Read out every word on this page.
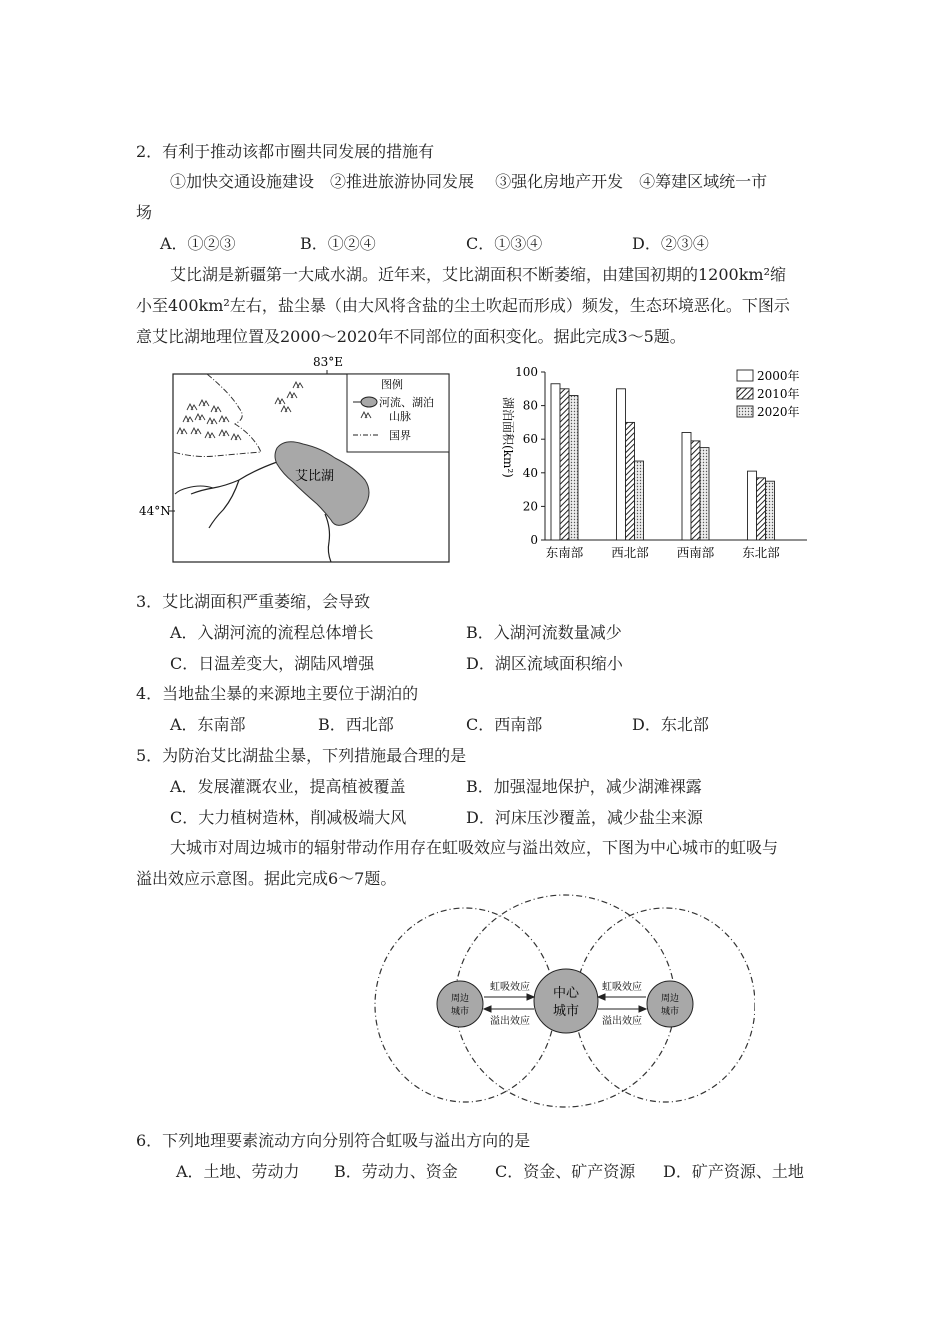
2．有利于推动该都市圈共同发展的措施有
①加快交通设施建设　②推进旅游协同发展　 ③强化房地产开发　④筹建区域统一市
场
A．①②③	B．①②④	C．①③④	D．②③④
艾比湖是新疆第一大咸水湖。近年来，艾比湖面积不断萎缩，由建国初期的1200km²缩
小至400km²左右，盐尘暴（由大风将含盐的尘土吹起而形成）频发，生态环境恶化。下图示
意艾比湖地理位置及2000～2020年不同部位的面积变化。据此完成3～5题。
83°E
44°N
艾比湖
图例
河流、湖泊
山脉
国界
0
20
40
60
80
100
东南部 西北部 西南部 东北部
湖泊面积(km²)
2000年
2010年
2020年
3．艾比湖面积严重萎缩，会导致
A．入湖河流的流程总体增长	B．入湖河流数量减少
C．日温差变大，湖陆风增强	D．湖区流域面积缩小
4．当地盐尘暴的来源地主要位于湖泊的
A．东南部	B．西北部	C．西南部	D．东北部
5．为防治艾比湖盐尘暴，下列措施最合理的是
A．发展灌溉农业，提高植被覆盖	B．加强湿地保护，减少湖滩裸露
C．大力植树造林，削减极端大风	D．河床压沙覆盖，减少盐尘来源
大城市对周边城市的辐射带动作用存在虹吸效应与溢出效应，下图为中心城市的虹吸与
溢出效应示意图。据此完成6～7题。
周边
城市
中心
城市
周边
城市
虹吸效应
溢出效应
虹吸效应
溢出效应
6．下列地理要素流动方向分别符合虹吸与溢出方向的是
A．土地、劳动力 B．劳动力、资金 C．资金、矿产资源 D．矿产资源、土地
